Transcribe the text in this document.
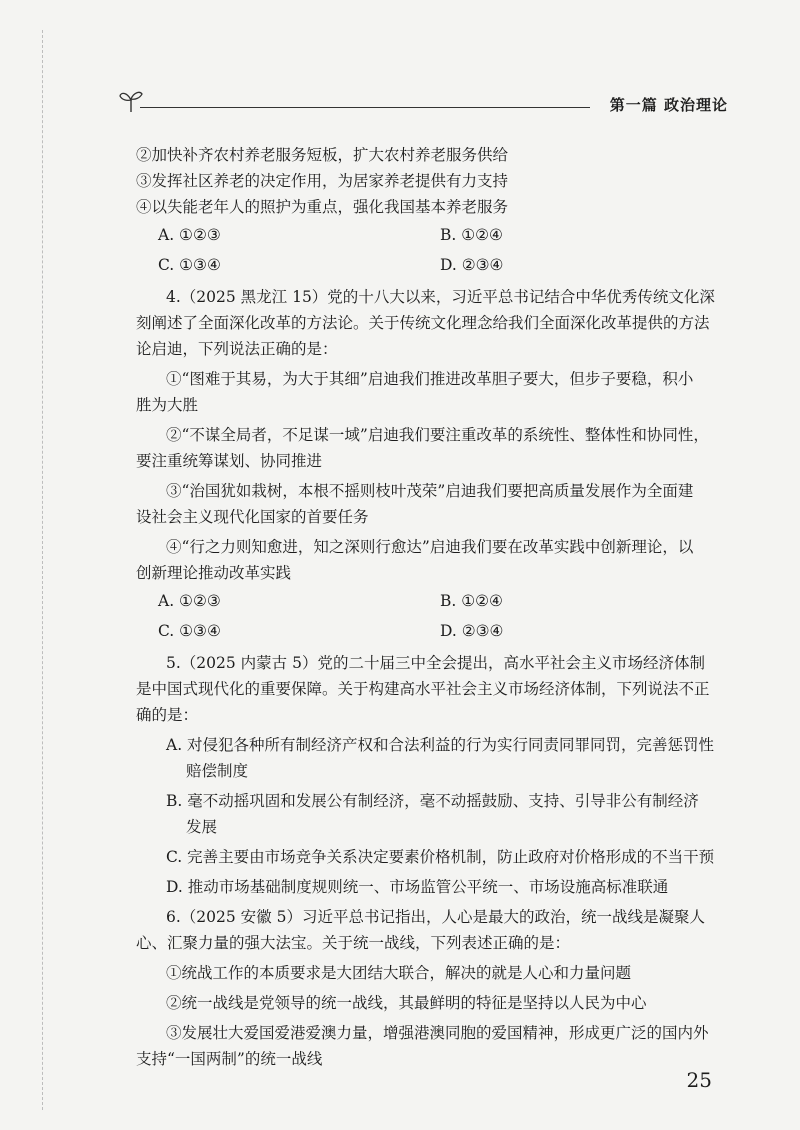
第一篇 政治理论
②加快补齐农村养老服务短板，扩大农村养老服务供给
③发挥社区养老的决定作用，为居家养老提供有力支持
④以失能老年人的照护为重点，强化我国基本养老服务
A. ①②③	B. ①②④
C. ①③④	D. ②③④
4.（2025 黑龙江 15）党的十八大以来，习近平总书记结合中华优秀传统文化深
刻阐述了全面深化改革的方法论。关于传统文化理念给我们全面深化改革提供的方法
论启迪，下列说法正确的是：
①“图难于其易，为大于其细”启迪我们推进改革胆子要大，但步子要稳，积小
胜为大胜
②“不谋全局者，不足谋一域”启迪我们要注重改革的系统性、整体性和协同性，
要注重统筹谋划、协同推进
③“治国犹如栽树，本根不摇则枝叶茂荣”启迪我们要把高质量发展作为全面建
设社会主义现代化国家的首要任务
④“行之力则知愈进，知之深则行愈达”启迪我们要在改革实践中创新理论，以
创新理论推动改革实践
A. ①②③	B. ①②④
C. ①③④	D. ②③④
5.（2025 内蒙古 5）党的二十届三中全会提出，高水平社会主义市场经济体制
是中国式现代化的重要保障。关于构建高水平社会主义市场经济体制，下列说法不正
确的是：
A. 对侵犯各种所有制经济产权和合法利益的行为实行同责同罪同罚，完善惩罚性
赔偿制度
B. 毫不动摇巩固和发展公有制经济，毫不动摇鼓励、支持、引导非公有制经济
发展
C. 完善主要由市场竞争关系决定要素价格机制，防止政府对价格形成的不当干预
D. 推动市场基础制度规则统一、市场监管公平统一、市场设施高标准联通
6.（2025 安徽 5）习近平总书记指出，人心是最大的政治，统一战线是凝聚人
心、汇聚力量的强大法宝。关于统一战线，下列表述正确的是：
①统战工作的本质要求是大团结大联合，解决的就是人心和力量问题
②统一战线是党领导的统一战线，其最鲜明的特征是坚持以人民为中心
③发展壮大爱国爱港爱澳力量，增强港澳同胞的爱国精神，形成更广泛的国内外
支持“一国两制”的统一战线
25
